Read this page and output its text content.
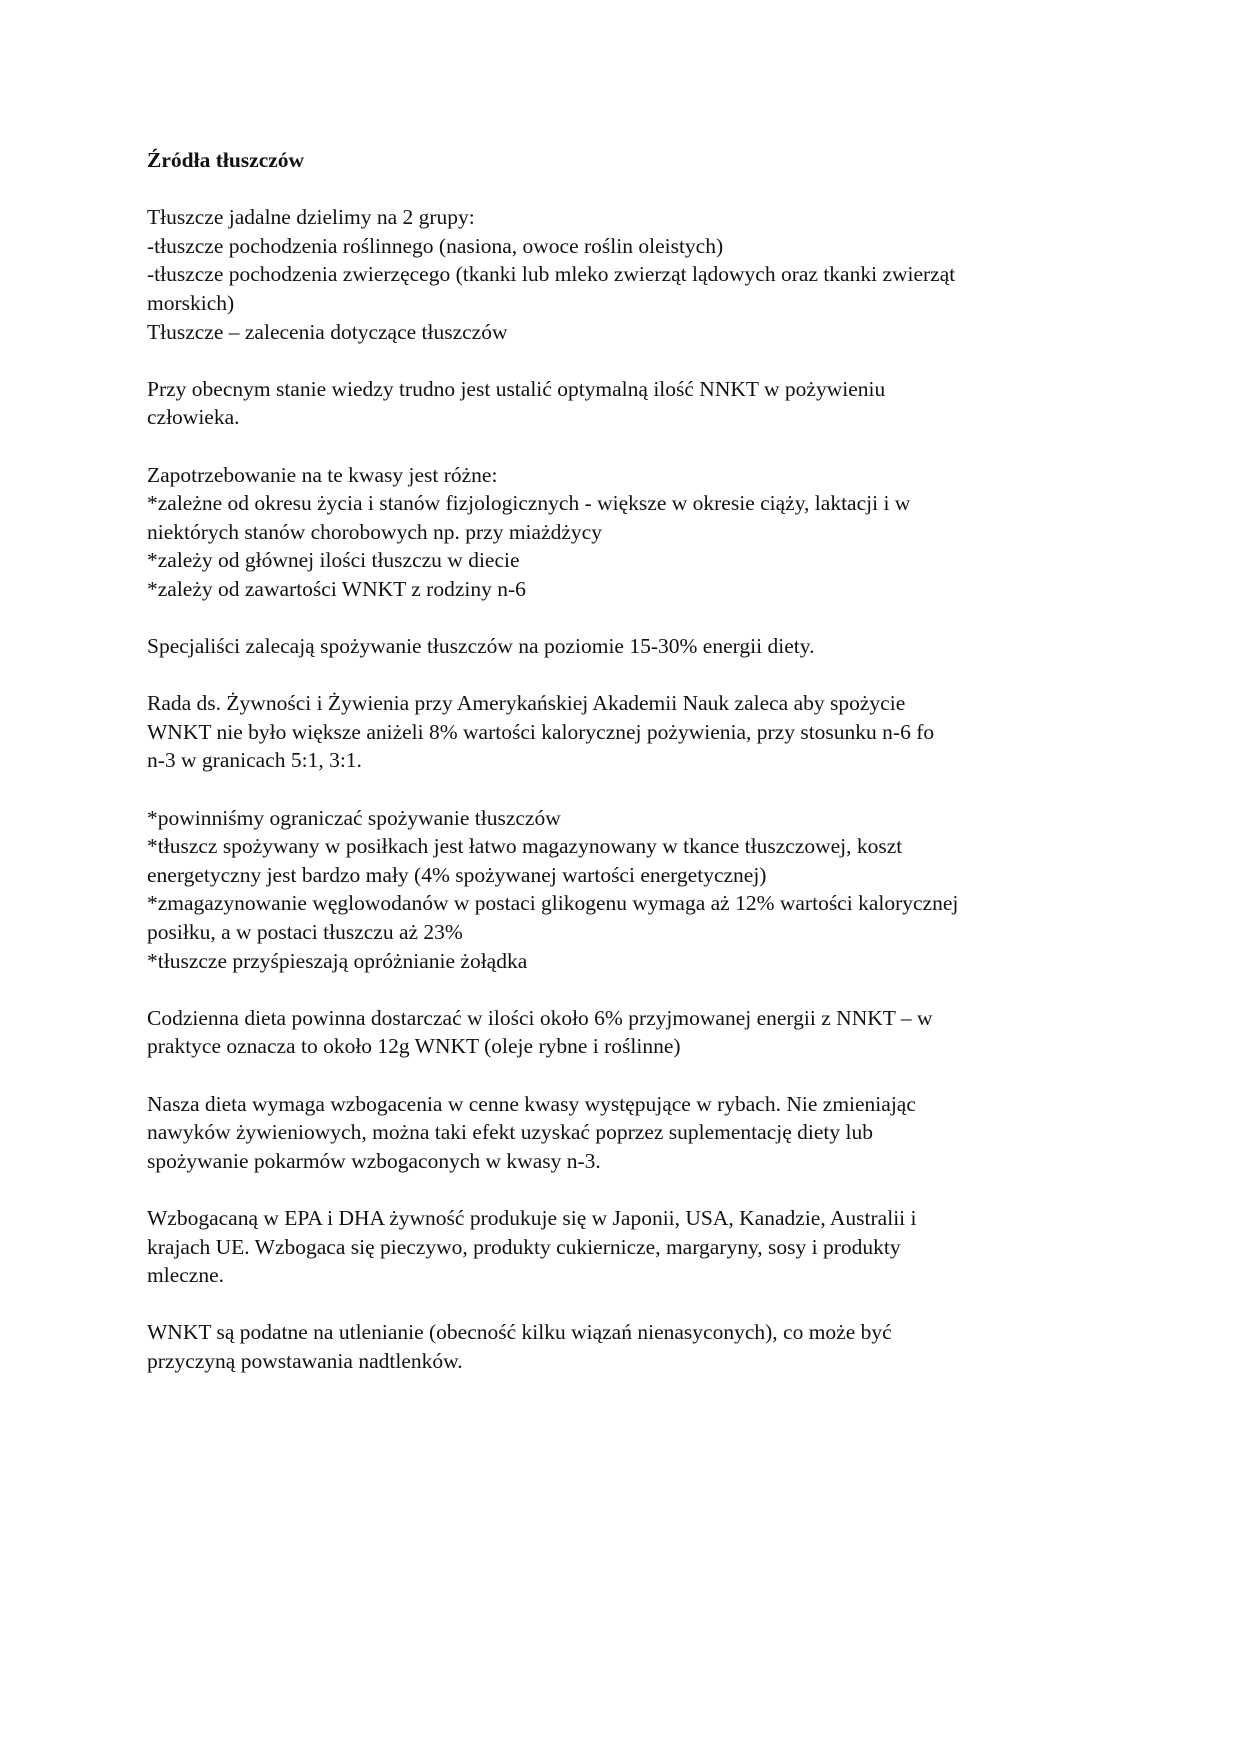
Źródła tłuszczów
Tłuszcze jadalne dzielimy na 2 grupy:
-tłuszcze pochodzenia roślinnego (nasiona, owoce roślin oleistych)
-tłuszcze pochodzenia zwierzęcego (tkanki lub mleko zwierząt lądowych oraz tkanki zwierząt
morskich)
Tłuszcze – zalecenia dotyczące tłuszczów
Przy obecnym stanie wiedzy trudno jest ustalić optymalną ilość NNKT w pożywieniu
człowieka.
Zapotrzebowanie na te kwasy jest różne:
*zależne od okresu życia i stanów fizjologicznych - większe w okresie ciąży, laktacji i w
niektórych stanów chorobowych np. przy miażdżycy
*zależy od głównej ilości tłuszczu w diecie
*zależy od zawartości WNKT z rodziny n-6
Specjaliści zalecają spożywanie tłuszczów na poziomie 15-30% energii diety.
Rada ds. Żywności i Żywienia przy Amerykańskiej Akademii Nauk zaleca aby spożycie
WNKT nie było większe aniżeli 8% wartości kalorycznej pożywienia, przy stosunku n-6 fo
n-3 w granicach 5:1, 3:1.
*powinniśmy ograniczać spożywanie tłuszczów
*tłuszcz spożywany w posiłkach jest łatwo magazynowany w tkance tłuszczowej, koszt
energetyczny jest bardzo mały (4% spożywanej wartości energetycznej)
*zmagazynowanie węglowodanów w postaci glikogenu wymaga aż 12% wartości kalorycznej
posiłku, a w postaci tłuszczu aż 23%
*tłuszcze przyśpieszają opróżnianie żołądka
Codzienna dieta powinna dostarczać w ilości około 6% przyjmowanej energii z NNKT – w
praktyce oznacza to około 12g WNKT (oleje rybne i roślinne)
Nasza dieta wymaga wzbogacenia w cenne kwasy występujące w rybach. Nie zmieniając
nawyków żywieniowych, można taki efekt uzyskać poprzez suplementację diety lub
spożywanie pokarmów wzbogaconych w kwasy n-3.
Wzbogacaną w EPA i DHA żywność produkuje się w Japonii, USA, Kanadzie, Australii i
krajach UE. Wzbogaca się pieczywo, produkty cukiernicze, margaryny, sosy i produkty
mleczne.
WNKT są podatne na utlenianie (obecność kilku wiązań nienasyconych), co może być
przyczyną powstawania nadtlenków.
